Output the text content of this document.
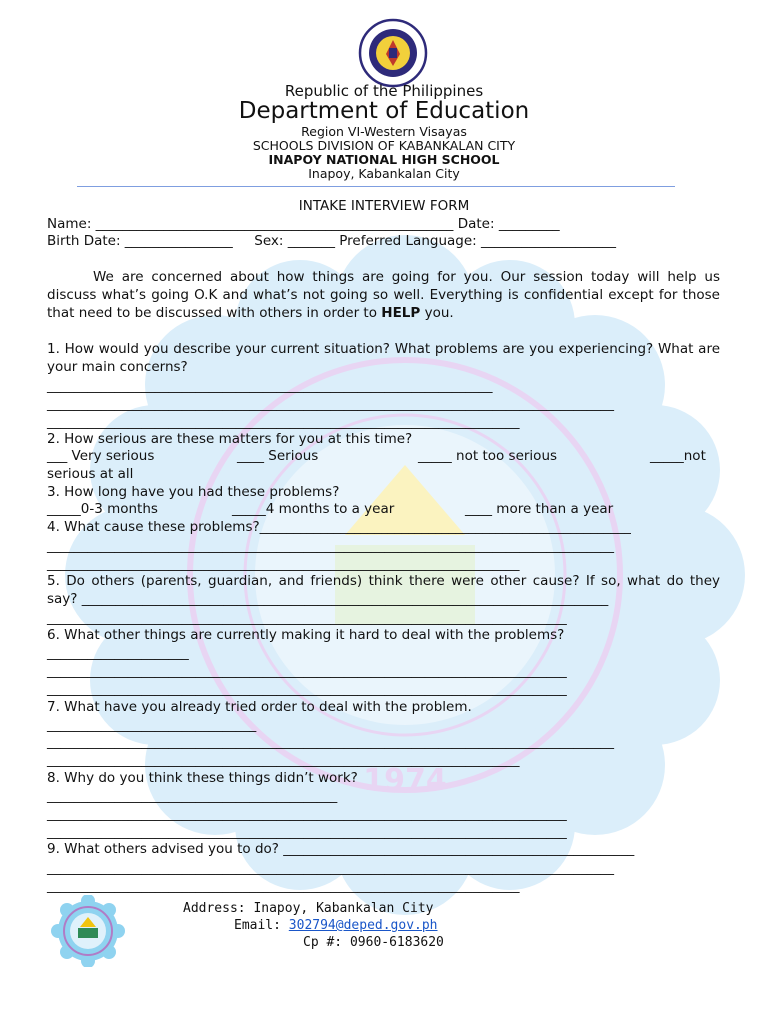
1974
Republic of the Philippines
Department of Education
Region VI-Western Visayas
SCHOOLS DIVISION OF KABANKALAN CITY
INAPOY NATIONAL HIGH SCHOOL
Inapoy, Kabankalan City
INTAKE INTERVIEW FORM
Name: _____________________________________________________ Date: _________
Birth Date: ________________     Sex: _______ Preferred Language: ____________________
We are concerned about how things are going for you. Our session today will help us discuss what’s going O.K and what’s not going so well. Everything is confidential except for those that need to be discussed with others in order to HELP you.
1. How would you describe your current situation? What problems are you experiencing? What are your main concerns?
__________________________________________________________________
____________________________________________________________________________________
______________________________________________________________________
2. How serious are these matters for you at this time?
___ Very serious	____ Serious	_____ not too serious	_____not
serious at all
3. How long have you had these problems?
_____0-3 months	_____4 months to a year	____ more than a year
4. What cause these problems?_______________________________________________________
____________________________________________________________________________________
______________________________________________________________________
5. Do others (parents, guardian, and friends) think there were other cause? If so, what do they say? ______________________________________________________________________________
_____________________________________________________________________________
6. What other things are currently making it hard to deal with the problems?
_____________________
_____________________________________________________________________________
_____________________________________________________________________________
7. What have you already tried order to deal with the problem.
_______________________________
____________________________________________________________________________________
______________________________________________________________________
8. Why do you think these things didn’t work?
___________________________________________
_____________________________________________________________________________
_____________________________________________________________________________
9. What others advised you to do? ____________________________________________________
____________________________________________________________________________________
______________________________________________________________________
Address: Inapoy, Kabankalan City
Email: 302794@deped.gov.ph
Cp #: 0960-6183620
